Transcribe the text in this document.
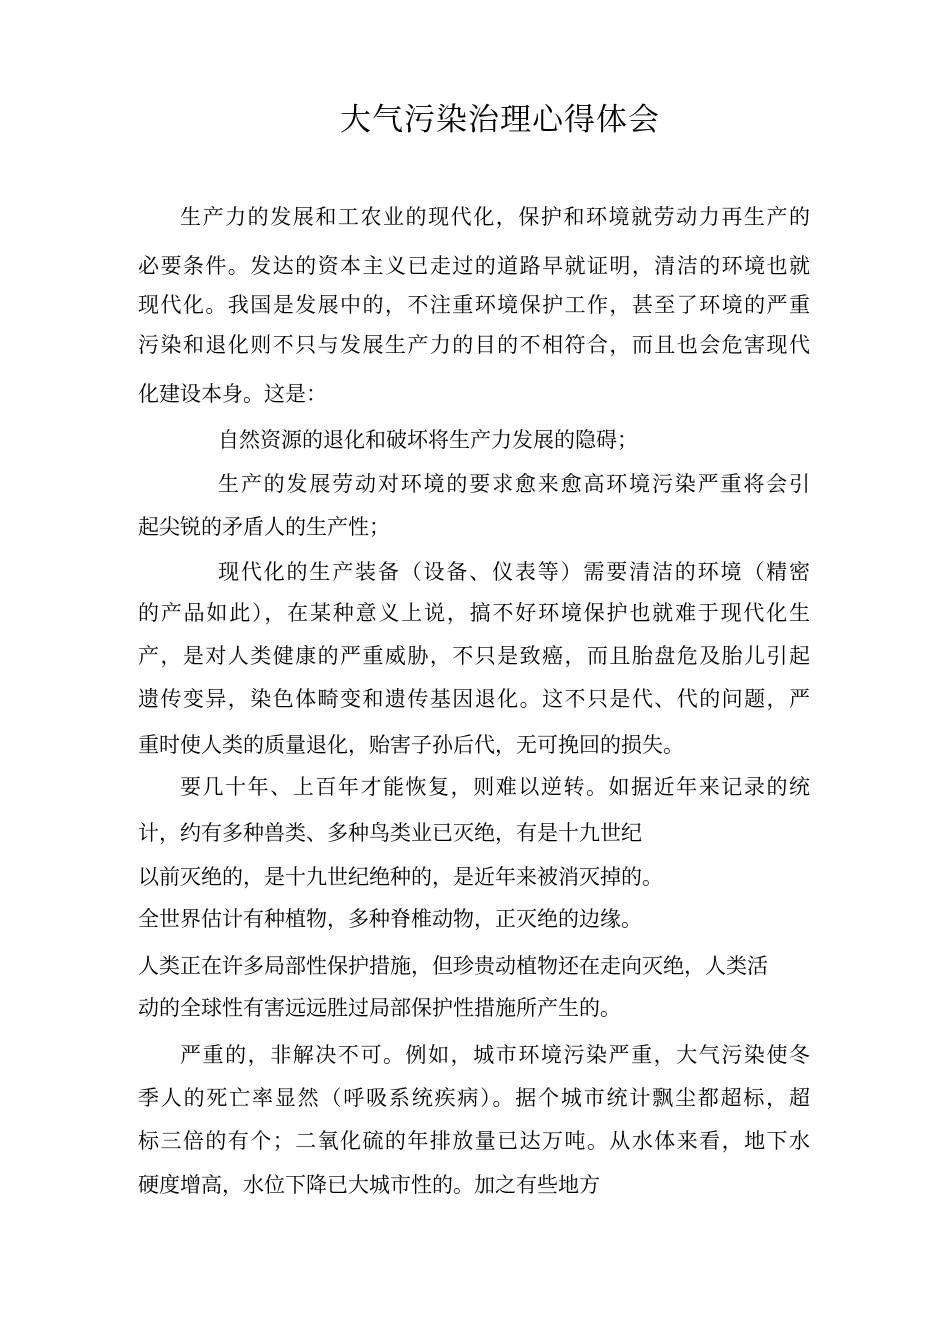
大气污染治理心得体会
生产力的发展和工农业的现代化，保护和环境就劳动力再生产的
必要条件。发达的资本主义已走过的道路早就证明，清洁的环境也就
现代化。我国是发展中的，不注重环境保护工作，甚至了环境的严重
污染和退化则不只与发展生产力的目的不相符合，而且也会危害现代
化建设本身。这是：
自然资源的退化和破坏将生产力发展的隐碍；
生产的发展劳动对环境的要求愈来愈高环境污染严重将会引
起尖锐的矛盾人的生产性；
现代化的生产装备（设备、仪表等）需要清洁的环境（精密
的产品如此），在某种意义上说，搞不好环境保护也就难于现代化生
产，是对人类健康的严重威胁，不只是致癌，而且胎盘危及胎儿引起
遗传变异，染色体畸变和遗传基因退化。这不只是代、代的问题，严
重时使人类的质量退化，贻害子孙后代，无可挽回的损失。
要几十年、上百年才能恢复，则难以逆转。如据近年来记录的统
计，约有多种兽类、多种鸟类业已灭绝，有是十九世纪
以前灭绝的，是十九世纪绝种的，是近年来被消灭掉的。
全世界估计有种植物，多种脊椎动物，正灭绝的边缘。
人类正在许多局部性保护措施，但珍贵动植物还在走向灭绝，人类活
动的全球性有害远远胜过局部保护性措施所产生的。
严重的，非解决不可。例如，城市环境污染严重，大气污染使冬
季人的死亡率显然（呼吸系统疾病）。据个城市统计飘尘都超标，超
标三倍的有个；二氧化硫的年排放量已达万吨。从水体来看，地下水
硬度增高，水位下降已大城市性的。加之有些地方
